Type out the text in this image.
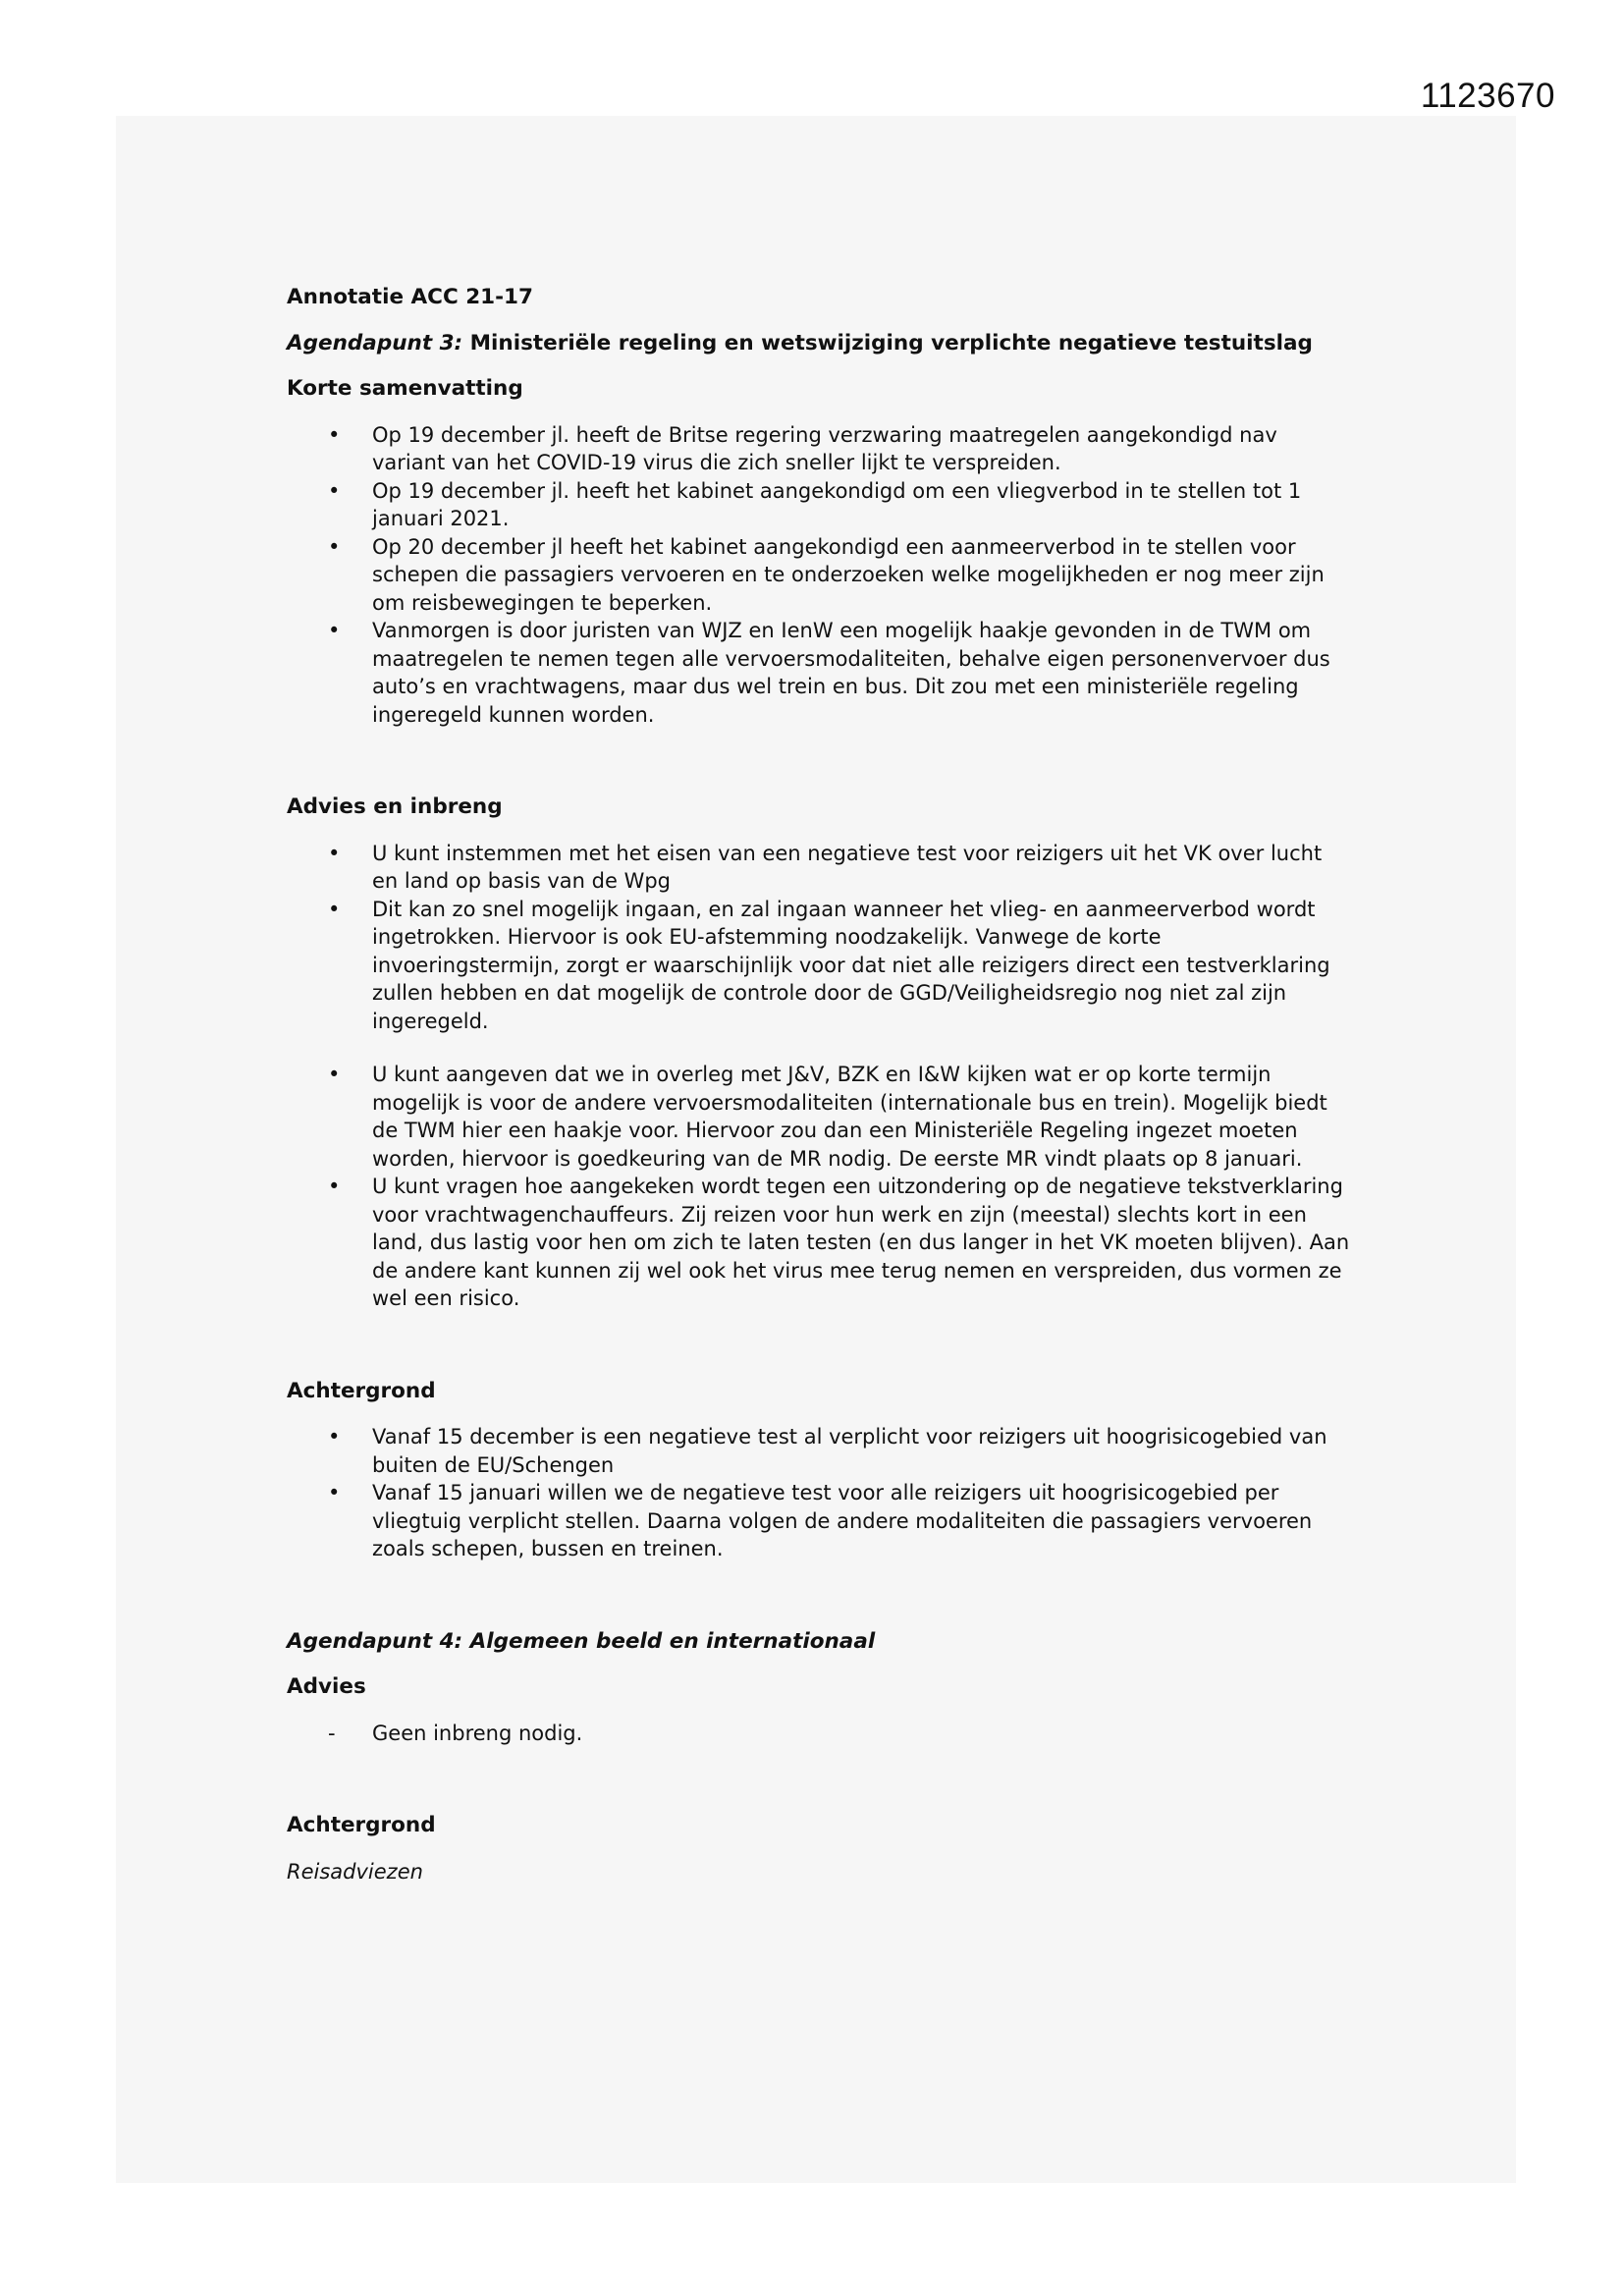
1123670

Annotatie ACC 21-17

Agendapunt 3: Ministeriële regeling en wetswijziging verplichte negatieve testuitslag

Korte samenvatting

• Op 19 december jl. heeft de Britse regering verzwaring maatregelen aangekondigd nav variant van het COVID-19 virus die zich sneller lijkt te verspreiden.
• Op 19 december jl. heeft het kabinet aangekondigd om een vliegverbod in te stellen tot 1 januari 2021.
• Op 20 december jl heeft het kabinet aangekondigd een aanmeerverbod in te stellen voor schepen die passagiers vervoeren en te onderzoeken welke mogelijkheden er nog meer zijn om reisbewegingen te beperken.
• Vanmorgen is door juristen van WJZ en IenW een mogelijk haakje gevonden in de TWM om maatregelen te nemen tegen alle vervoersmodaliteiten, behalve eigen personenvervoer dus auto’s en vrachtwagens, maar dus wel trein en bus. Dit zou met een ministeriële regeling ingeregeld kunnen worden.

Advies en inbreng

• U kunt instemmen met het eisen van een negatieve test voor reizigers uit het VK over lucht en land op basis van de Wpg
• Dit kan zo snel mogelijk ingaan, en zal ingaan wanneer het vlieg- en aanmeerverbod wordt ingetrokken. Hiervoor is ook EU-afstemming noodzakelijk. Vanwege de korte invoeringstermijn, zorgt er waarschijnlijk voor dat niet alle reizigers direct een testverklaring zullen hebben en dat mogelijk de controle door de GGD/Veiligheidsregio nog niet zal zijn ingeregeld.
• U kunt aangeven dat we in overleg met J&V, BZK en I&W kijken wat er op korte termijn mogelijk is voor de andere vervoersmodaliteiten (internationale bus en trein). Mogelijk biedt de TWM hier een haakje voor. Hiervoor zou dan een Ministeriële Regeling ingezet moeten worden, hiervoor is goedkeuring van de MR nodig. De eerste MR vindt plaats op 8 januari.
• U kunt vragen hoe aangekeken wordt tegen een uitzondering op de negatieve tekstverklaring voor vrachtwagenchauffeurs. Zij reizen voor hun werk en zijn (meestal) slechts kort in een land, dus lastig voor hen om zich te laten testen (en dus langer in het VK moeten blijven). Aan de andere kant kunnen zij wel ook het virus mee terug nemen en verspreiden, dus vormen ze wel een risico.

Achtergrond

• Vanaf 15 december is een negatieve test al verplicht voor reizigers uit hoogrisicogebied van buiten de EU/Schengen
• Vanaf 15 januari willen we de negatieve test voor alle reizigers uit hoogrisicogebied per vliegtuig verplicht stellen. Daarna volgen de andere modaliteiten die passagiers vervoeren zoals schepen, bussen en treinen.

Agendapunt 4: Algemeen beeld en internationaal

Advies

- Geen inbreng nodig.

Achtergrond

Reisadviezen
